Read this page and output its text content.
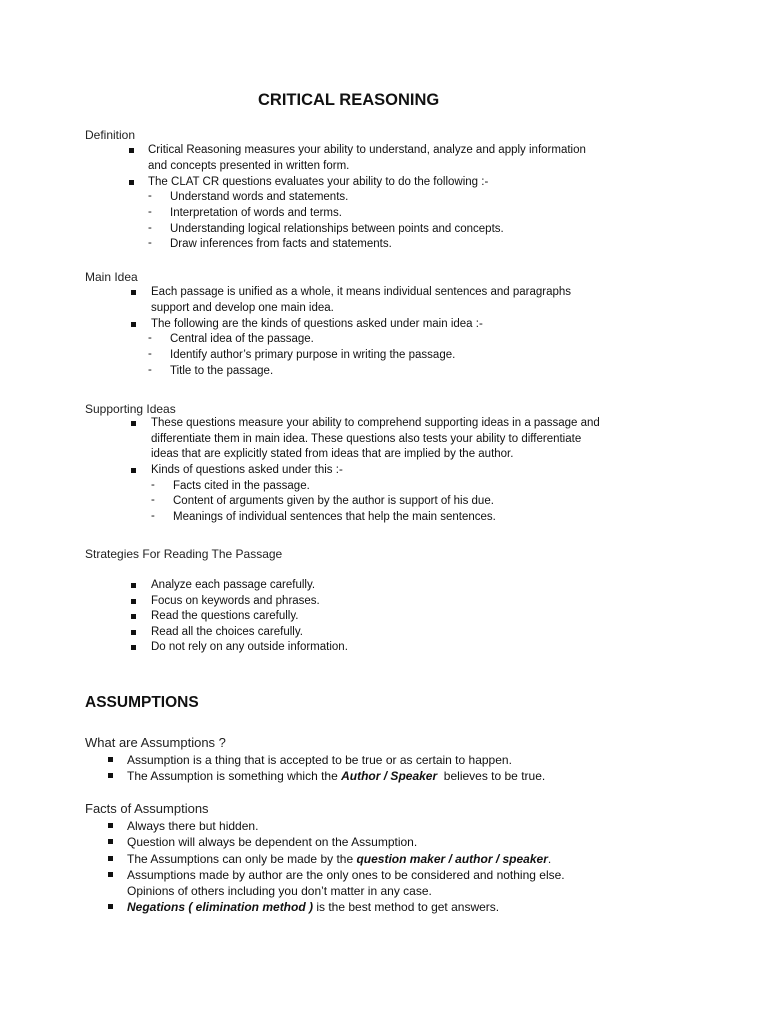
CRITICAL REASONING
Definition
Critical Reasoning measures your ability to understand, analyze and apply information
and concepts presented in written form.
The CLAT CR questions evaluates your ability to do the following :-
- Understand words and statements.
- Interpretation of words and terms.
- Understanding logical relationships between points and concepts.
- Draw inferences from facts and statements.
Main Idea
Each passage is unified as a whole, it means individual sentences and paragraphs
support and develop one main idea.
The following are the kinds of questions asked under main idea :-
- Central idea of the passage.
- Identify author’s primary purpose in writing the passage.
- Title to the passage.
Supporting Ideas
These questions measure your ability to comprehend supporting ideas in a passage and
differentiate them in main idea. These questions also tests your ability to differentiate
ideas that are explicitly stated from ideas that are implied by the author.
Kinds of questions asked under this :-
- Facts cited in the passage.
- Content of arguments given by the author is support of his due.
- Meanings of individual sentences that help the main sentences.
Strategies For Reading The Passage
Analyze each passage carefully.
Focus on keywords and phrases.
Read the questions carefully.
Read all the choices carefully.
Do not rely on any outside information.
ASSUMPTIONS
What are Assumptions ?
Assumption is a thing that is accepted to be true or as certain to happen.
The Assumption is something which the Author / Speaker  believes to be true.
Facts of Assumptions
Always there but hidden.
Question will always be dependent on the Assumption.
The Assumptions can only be made by the question maker / author / speaker.
Assumptions made by author are the only ones to be considered and nothing else.
Opinions of others including you don’t matter in any case.
Negations ( elimination method ) is the best method to get answers.
